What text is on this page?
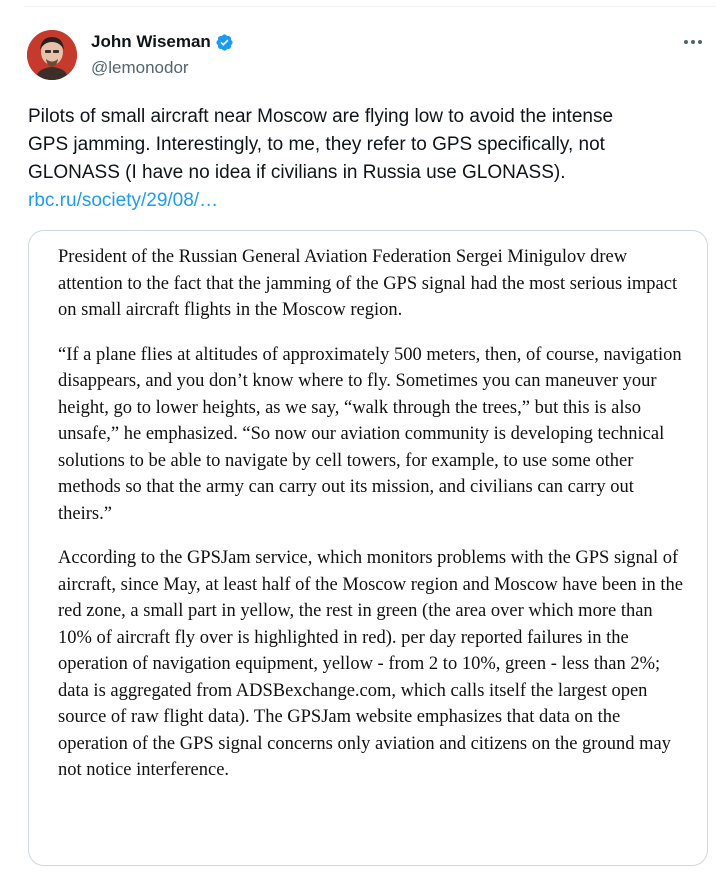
John Wiseman
@lemonodor
Pilots of small aircraft near Moscow are flying low to avoid the intense
GPS jamming. Interestingly, to me, they refer to GPS specifically, not
GLONASS (I have no idea if civilians in Russia use GLONASS).
rbc.ru/society/29/08/…

President of the Russian General Aviation Federation Sergei Minigulov drew attention to the fact that the jamming of the GPS signal had the most serious impact on small aircraft flights in the Moscow region.

“If a plane flies at altitudes of approximately 500 meters, then, of course, navigation disappears, and you don’t know where to fly. Sometimes you can maneuver your height, go to lower heights, as we say, “walk through the trees,” but this is also unsafe,” he emphasized. “So now our aviation community is developing technical solutions to be able to navigate by cell towers, for example, to use some other methods so that the army can carry out its mission, and civilians can carry out theirs.”

According to the GPSJam service, which monitors problems with the GPS signal of aircraft, since May, at least half of the Moscow region and Moscow have been in the red zone, a small part in yellow, the rest in green (the area over which more than 10% of aircraft fly over is highlighted in red). per day reported failures in the operation of navigation equipment, yellow - from 2 to 10%, green - less than 2%; data is aggregated from ADSBexchange.com, which calls itself the largest open source of raw flight data). The GPSJam website emphasizes that data on the operation of the GPS signal concerns only aviation and citizens on the ground may not notice interference.
